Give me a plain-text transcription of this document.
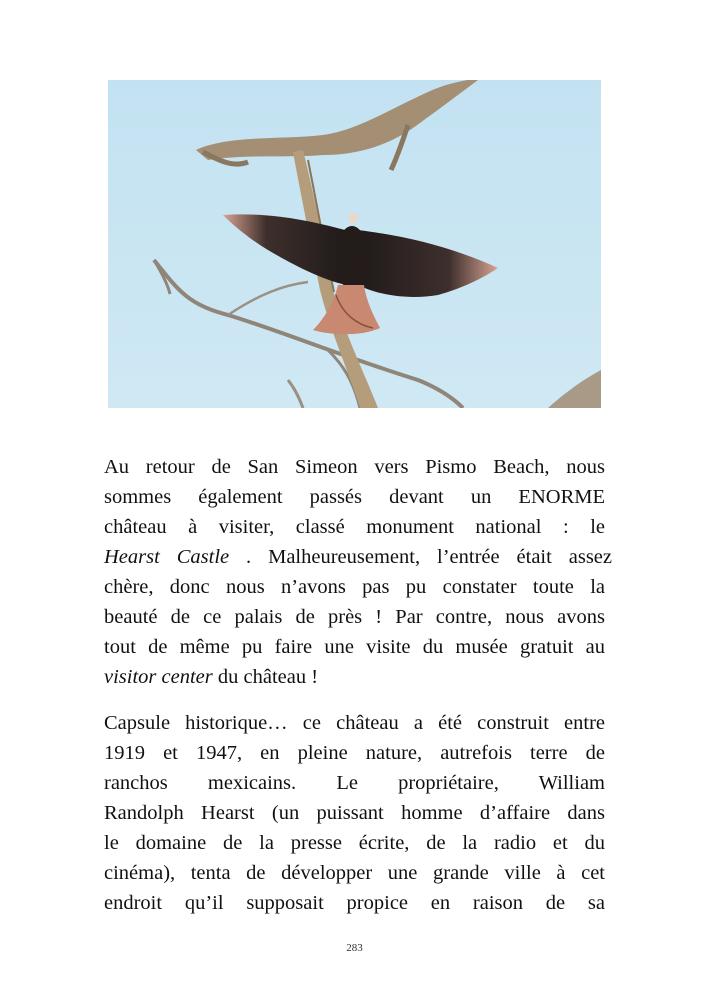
Au retour de San Simeon vers Pismo Beach, nous
sommes également passés devant un ENORME
château à visiter, classé monument national : le
Hearst Castle . Malheureusement, l’entrée était assez
chère, donc nous n’avons pas pu constater toute la
beauté de ce palais de près ! Par contre, nous avons
tout de même pu faire une visite du musée gratuit au
visitor center du château !

Capsule historique… ce château a été construit entre
1919 et 1947, en pleine nature, autrefois terre de
ranchos mexicains. Le propriétaire, William
Randolph Hearst (un puissant homme d’affaire dans
le domaine de la presse écrite, de la radio et du
cinéma), tenta de développer une grande ville à cet
endroit qu’il supposait propice en raison de sa

283
